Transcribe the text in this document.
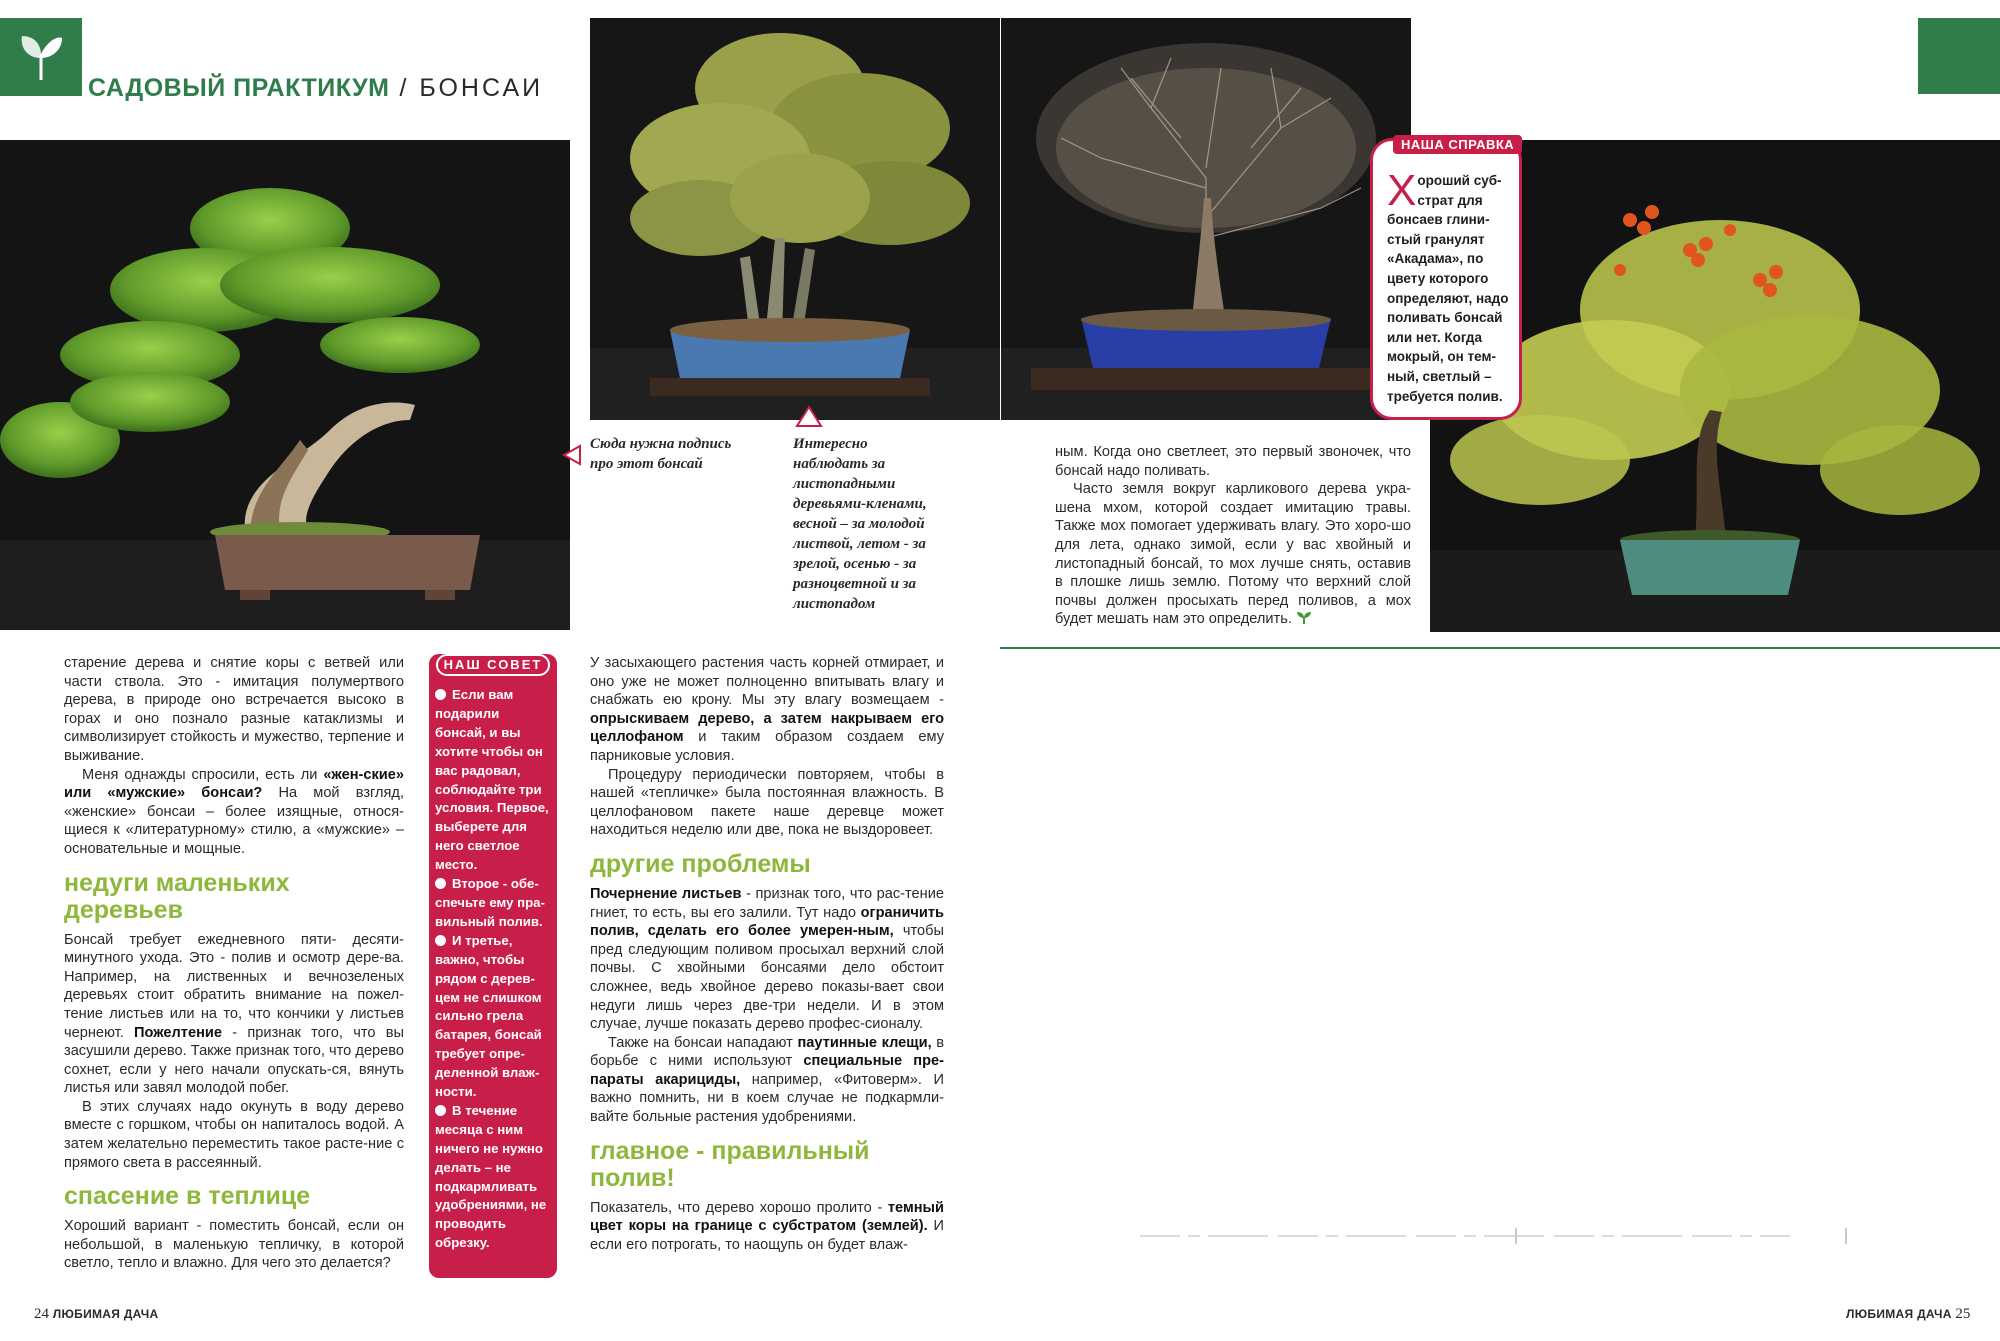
САДОВЫЙ ПРАКТИКУМ / БОНСАИ
Сюда нужна подпись про этот бонсай
Интересно наблюдать за листопадными деревьями-кленами, весной – за молодой листвой, летом - за зрелой, осенью - за разноцветной и за листопадом
НАША СПРАВКА
Хороший суб-страт для бонсаев глини-стый гранулят «Акадама», по цвету которого определяют, надо поливать бонсай или нет. Когда мокрый, он тем-ный, светлый – требуется полив.

старение дерева и снятие коры с ветвей или части ствола. Это - имитация полумертвого дерева, в природе оно встречается высоко в горах и оно познало разные катаклизмы и символизирует стойкость и мужество, терпение и выживание.

Меня однажды спросили, есть ли «жен-ские» или «мужские» бонсаи? На мой взгляд, «женские» бонсаи – более изящные, относя-щиеся к «литературному» стилю, а «мужские» – основательные и мощные.

недуги маленьких деревьев

Бонсай требует ежедневного пяти- десяти-минутного ухода. Это - полив и осмотр дере-ва. Например, на лиственных и вечнозеленых деревьях стоит обратить внимание на пожел-тение листьев или на то, что кончики у листьев чернеют. Пожелтение - признак того, что вы засушили дерево. Также признак того, что дерево сохнет, если у него начали опускать-ся, вянуть листья или завял молодой побег.

В этих случаях надо окунуть в воду дерево вместе с горшком, чтобы он напиталось водой. А затем желательно переместить такое расте-ние с прямого света в рассеянный.

спасение в теплице

Хороший вариант - поместить бонсай, если он небольшой, в маленькую тепличку, в которой светло, тепло и влажно. Для чего это делается?

НАШ СОВЕТ
Если вам подарили бонсай, и вы хотите чтобы он вас радовал, соблюдайте три условия. Первое, выберете для него светлое место.
Второе - обе-спечьте ему пра-вильный полив.
И третье, важно, чтобы рядом с дерев-цем не слишком сильно грела батарея, бонсай требует опре-деленной влаж-ности.
В течение месяца с ним ничего не нужно делать – не подкармливать удобрениями, не проводить обрезку.

У засыхающего растения часть корней отмирает, и оно уже не может полноценно впитывать влагу и снабжать ею крону. Мы эту влагу возмещаем - опрыскиваем дерево, а затем накрываем его целлофаном и таким образом создаем ему парниковые условия.

Процедуру периодически повторяем, чтобы в нашей «тепличке» была постоянная влажность. В целлофановом пакете наше деревце может находиться неделю или две, пока не выздоровеет.

другие проблемы

Почернение листьев - признак того, что рас-тение гниет, то есть, вы его залили. Тут надо ограничить полив, сделать его более умерен-ным, чтобы пред следующим поливом просыхал верхний слой почвы. С хвойными бонсаями дело обстоит сложнее, ведь хвойное дерево показы-вает свои недуги лишь через две-три недели. И в этом случае, лучше показать дерево профес-сионалу.

Также на бонсаи нападают паутинные клещи, в борьбе с ними используют специальные пре-параты акарициды, например, «Фитоверм». И важно помнить, ни в коем случае не подкармли-вайте больные растения удобрениями.

главное - правильный полив!

Показатель, что дерево хорошо пролито - темный цвет коры на границе с субстратом (землей). И если его потрогать, то наощупь он будет влаж-

ным. Когда оно светлеет, это первый звоночек, что бонсай надо поливать.

Часто земля вокруг карликового дерева укра-шена мхом, которой создает имитацию травы. Также мох помогает удерживать влагу. Это хоро-шо для лета, однако зимой, если у вас хвойный и листопадный бонсай, то мох лучше снять, оставив в плошке лишь землю. Потому что верхний слой почвы должен просыхать перед поливов, а мох будет мешать нам это определить.

24 ЛЮБИМАЯ ДАЧА	ЛЮБИМАЯ ДАЧА 25
